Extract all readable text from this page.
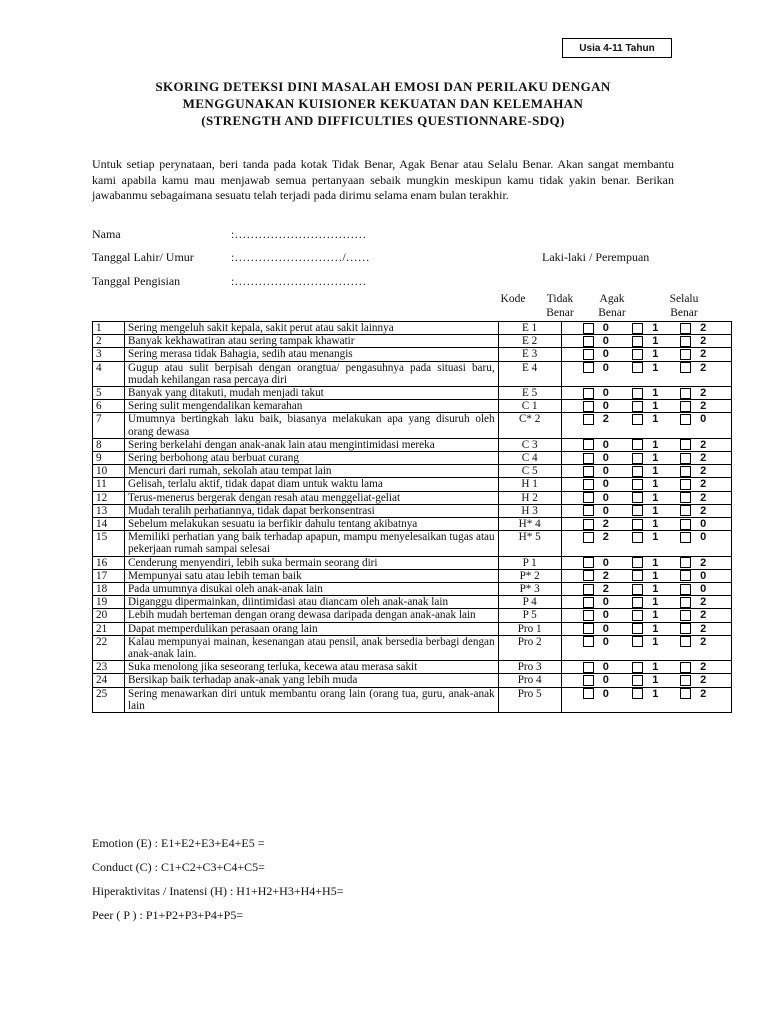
Usia 4-11 Tahun
SKORING DETEKSI DINI MASALAH EMOSI DAN PERILAKU DENGAN
MENGGUNAKAN KUISIONER KEKUATAN DAN KELEMAHAN
(STRENGTH AND DIFFICULTIES QUESTIONNARE-SDQ)
Untuk setiap perynataan, beri tanda pada kotak Tidak Benar, Agak Benar atau Selalu Benar. Akan sangat membantu kami apabila kamu mau menjawab semua pertanyaan sebaik mungkin meskipun kamu tidak yakin benar. Berikan jawabanmu sebagaimana sesuatu telah terjadi pada dirimu selama enam bulan terakhir.
Nama	:……………………………
Tanggal Lahir/ Umur	:………………………/……	Laki-laki / Perempuan
Tanggal Pengisian	:……………………………
Kode	Tidak Benar
Agak Benar
Selalu Benar
1	Sering mengeluh sakit kepala, sakit perut atau sakit lainnya	E 1	0 1 2

2	Banyak kekhawatiran atau sering tampak khawatir	E 2	0 1 2

3	Sering merasa tidak Bahagia, sedih atau menangis	E 3	0 1 2

4	Gugup atau sulit berpisah dengan orangtua/ pengasuhnya pada situasi baru, mudah kehilangan rasa percaya diri	E 4	0 1 2

5	Banyak yang ditakuti, mudah menjadi takut	E 5	0 1 2

6	Sering sulit mengendalikan kemarahan	C 1	0 1 2

7	Umumnya bertingkah laku baik, biasanya melakukan apa yang disuruh oleh orang dewasa	C* 2	2 1 0

8	Sering berkelahi dengan anak-anak lain atau mengintimidasi mereka	C 3	0 1 2

9	Sering berbohong atau berbuat curang	C 4	0 1 2

10	Mencuri dari rumah, sekolah atau tempat lain	C 5	0 1 2

11	Gelisah, terlalu aktif, tidak dapat diam untuk waktu lama	H 1	0 1 2

12	Terus-menerus bergerak dengan resah atau menggeliat-geliat	H 2	0 1 2

13	Mudah teralih perhatiannya, tidak dapat berkonsentrasi	H 3	0 1 2

14	Sebelum melakukan sesuatu ia berfikir dahulu tentang akibatnya	H* 4	2 1 0

15	Memiliki perhatian yang baik terhadap apapun, mampu menyelesaikan tugas atau pekerjaan rumah sampai selesai	H* 5	2 1 0

16	Cenderung menyendiri, lebih suka bermain seorang diri	P 1	0 1 2

17	Mempunyai satu atau lebih teman baik	P* 2	2 1 0

18	Pada umumnya disukai oleh anak-anak lain	P* 3	2 1 0

19	Diganggu dipermainkan, diintimidasi atau diancam oleh anak-anak lain	P 4	0 1 2

20	Lebih mudah berteman dengan orang dewasa daripada dengan anak-anak lain	P 5	0 1 2

21	Dapat memperdulikan perasaan orang lain	Pro 1	0 1 2

22	Kalau mempunyai mainan, kesenangan atau pensil, anak bersedia berbagi dengan anak-anak lain.	Pro 2	0 1 2

23	Suka menolong jika seseorang terluka, kecewa atau merasa sakit	Pro 3	0 1 2

24	Bersikap baik terhadap anak-anak yang lebih muda	Pro 4	0 1 2

25	Sering menawarkan diri untuk membantu orang lain (orang tua, guru, anak-anak lain	Pro 5	0 1 2
Emotion (E) : E1+E2+E3+E4+E5 =
Conduct (C) : C1+C2+C3+C4+C5=
Hiperaktivitas / Inatensi (H) : H1+H2+H3+H4+H5=
Peer ( P ) : P1+P2+P3+P4+P5=
